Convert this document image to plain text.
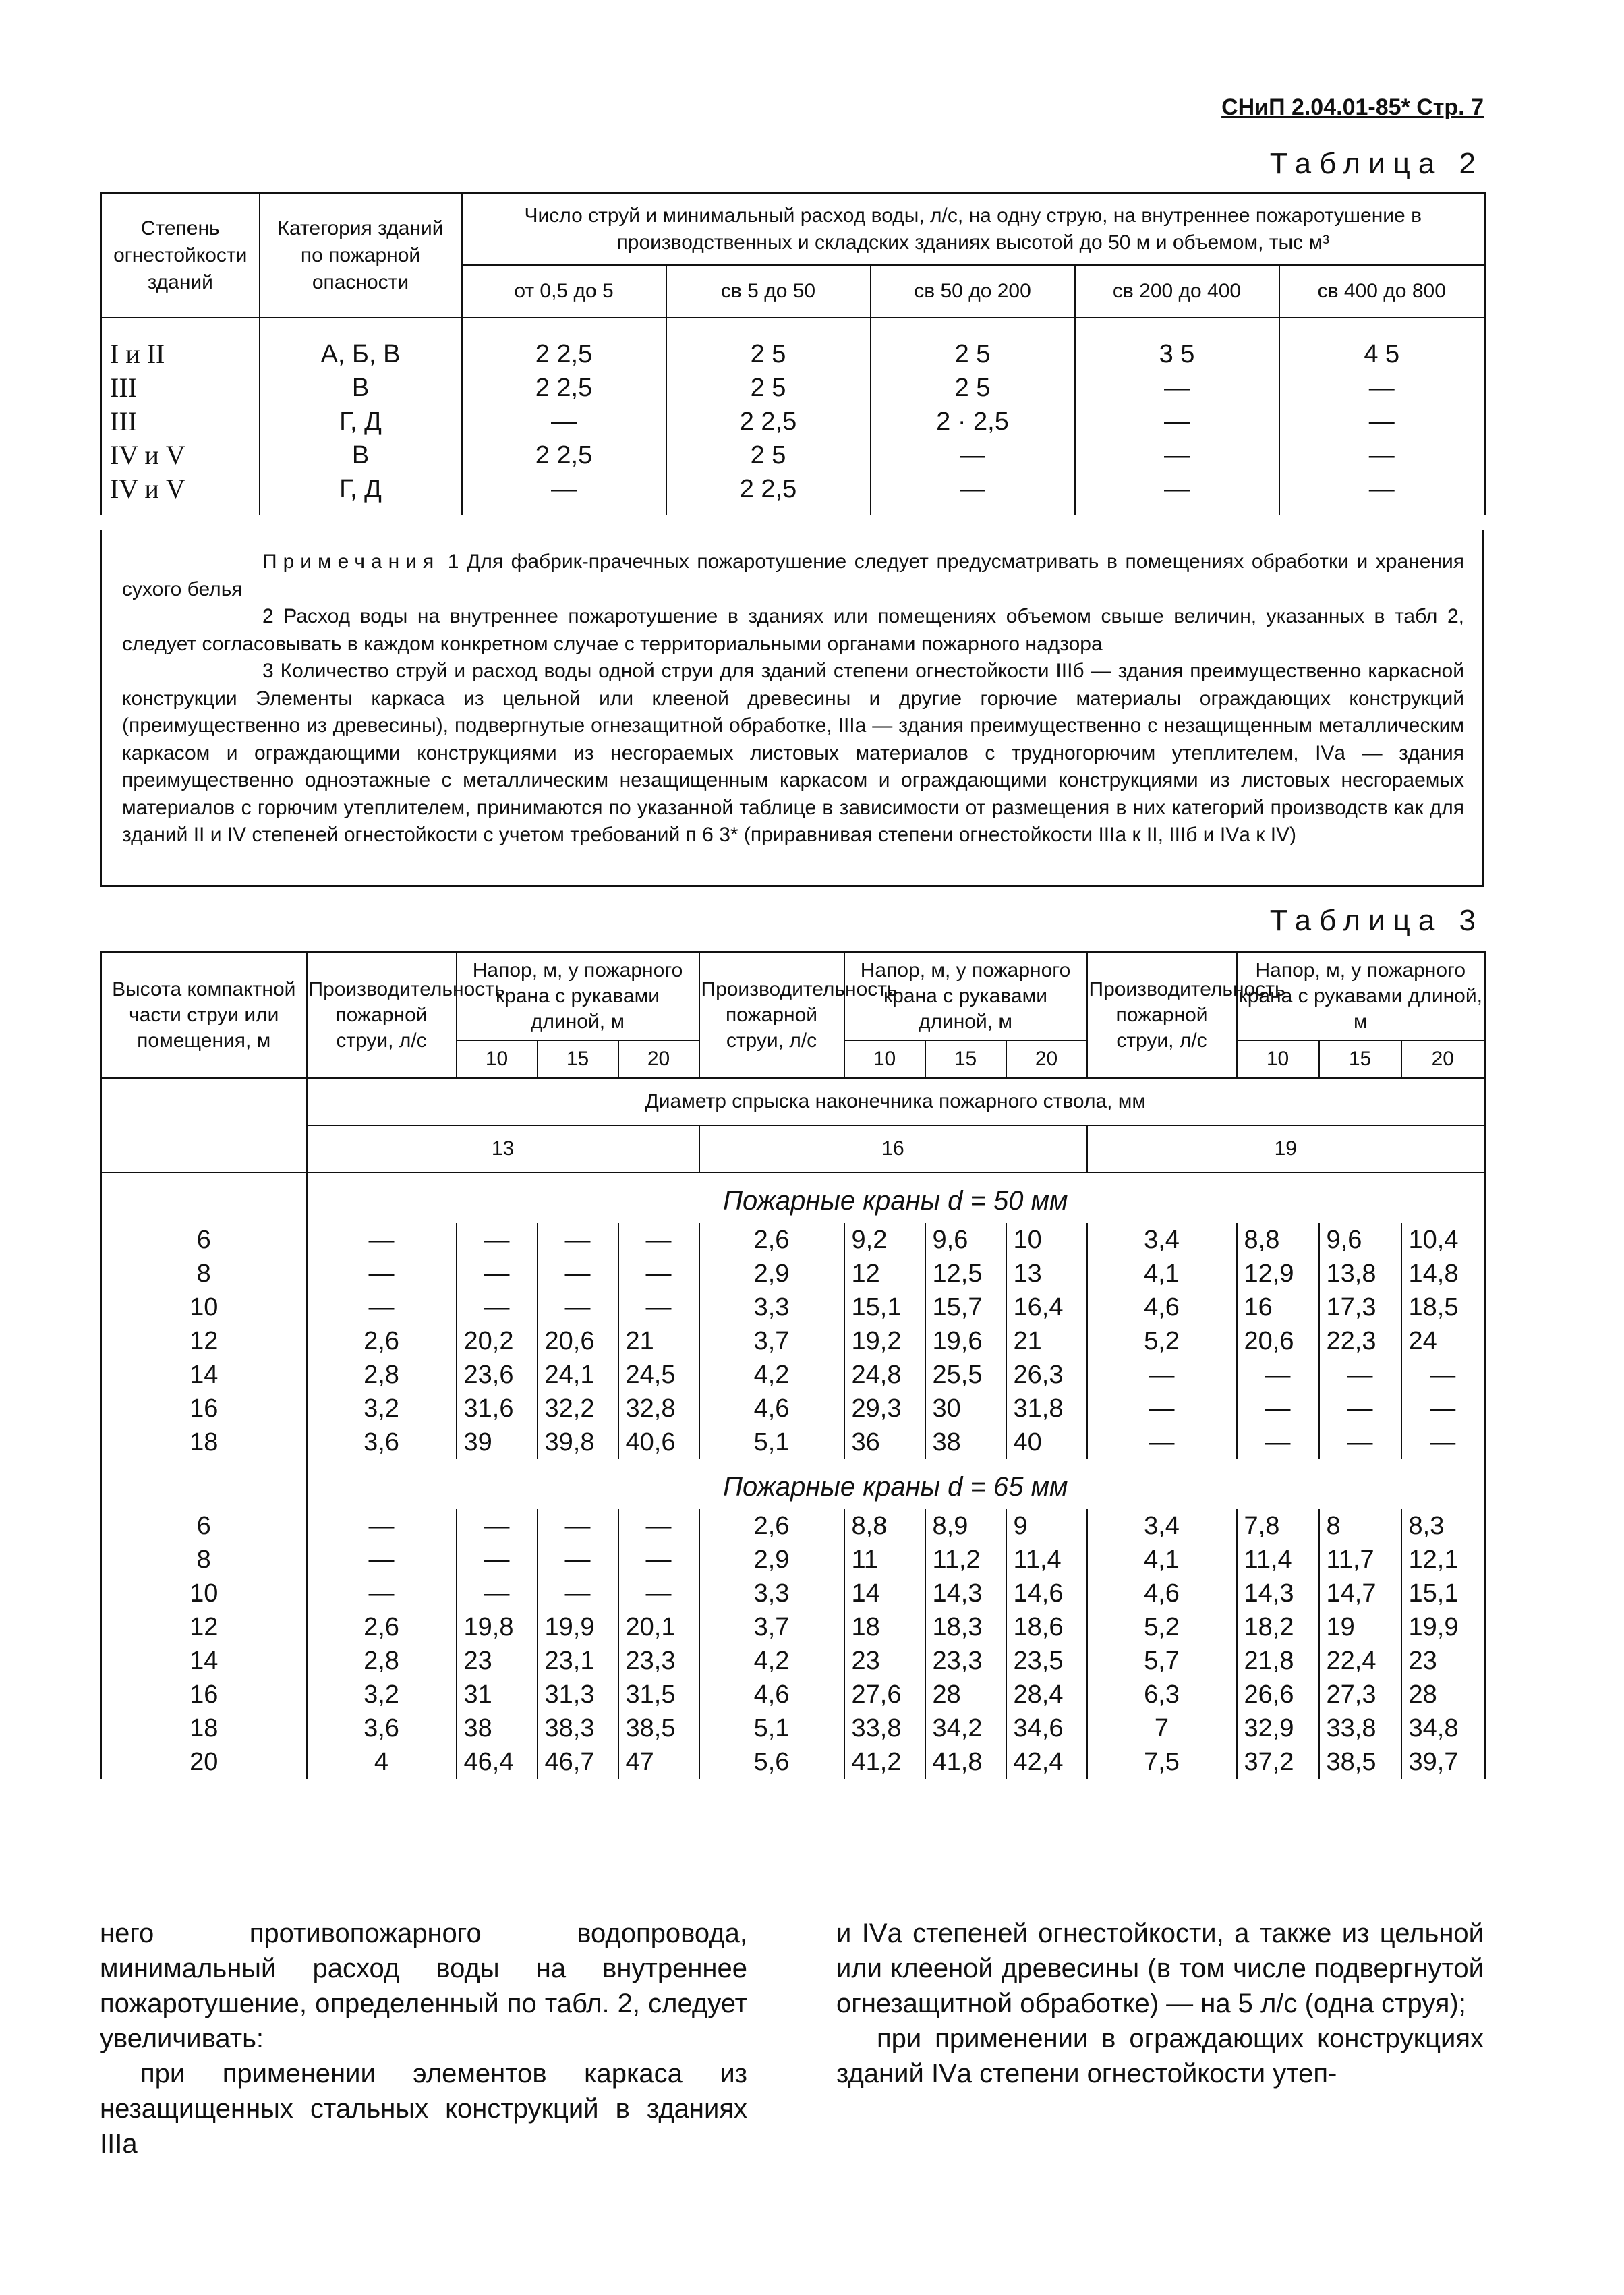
СНиП 2.04.01-85* Стр. 7
Таблица 2
Степень огнестойкости зданий	Категория зданий по пожарной опасности	Число струй и минимальный расход воды, л/с, на одну струю, на внутреннее пожаротушение в производственных и складских зданиях высотой до 50 м и объемом, тыс м³				
		от 0,5 до 5	св 5 до 50	св 50 до 200	св 200 до 400	св 400 до 800

I и II	А, Б, В	2 2,5	2 5	2 5	3 5	4 5
III	В	2 2,5	2 5	2 5	—	—
III	Г, Д	—	2 2,5	2 · 2,5	—	—
IV и V	В	2 2,5	2 5	—	—	—
IV и V	Г, Д	—	2 2,5	—	—	—

Примечания 1 Для фабрик-прачечных пожаротушение следует предусматривать в помещениях обработки и хранения сухого белья

2 Расход воды на внутреннее пожаротушение в зданиях или помещениях объемом свыше величин, указанных в табл 2, следует согласовывать в каждом конкретном случае с территориальными органами пожарного надзора

3 Количество струй и расход воды одной струи для зданий степени огнестойкости IIIб — здания преимущественно каркасной конструкции Элементы каркаса из цельной или клееной древесины и другие горючие материалы ограждающих конструкций (преимущественно из древесины), подвергнутые огнезащитной обработке, IIIа — здания преимущественно с незащищенным металлическим каркасом и ограждающими конструкциями из несгораемых листовых материалов с трудногорючим утеплителем, IVа — здания преимущественно одноэтажные с металлическим незащищенным каркасом и ограждающими конструкциями из листовых несгораемых материалов с горючим утеплителем, принимаются по указанной таблице в зависимости от размещения в них категорий производств как для зданий II и IV степеней огнестойкости с учетом требований п 6 3* (приравнивая степени огнестойкости IIIа к II, IIIб и IVа к IV)

Таблица 3
Высота компактной части струи или помещения, м	Производительность пожарной струи, л/с	Напор, м, у пожарного крана с рукавами длиной, м			Производительность пожарной струи, л/с	Напор, м, у пожарного крана с рукавами длиной, м			Производительность пожарной струи, л/с	Напор, м, у пожарного крана с рукавами длиной, м		
		10	15	20		10	15	20		10	15	20
	Диаметр спрыска наконечника пожарного ствола, мм											
	13				16				19			
	Пожарные краны d = 50 мм											
6	—	—	—	—	2,6	9,2	9,6	10	3,4	8,8	9,6	10,4
8	—	—	—	—	2,9	12	12,5	13	4,1	12,9	13,8	14,8
10	—	—	—	—	3,3	15,1	15,7	16,4	4,6	16	17,3	18,5
12	2,6	20,2	20,6	21	3,7	19,2	19,6	21	5,2	20,6	22,3	24
14	2,8	23,6	24,1	24,5	4,2	24,8	25,5	26,3	—	—	—	—
16	3,2	31,6	32,2	32,8	4,6	29,3	30	31,8	—	—	—	—
18	3,6	39	39,8	40,6	5,1	36	38	40	—	—	—	—
	Пожарные краны d = 65 мм											
6	—	—	—	—	2,6	8,8	8,9	9	3,4	7,8	8	8,3
8	—	—	—	—	2,9	11	11,2	11,4	4,1	11,4	11,7	12,1
10	—	—	—	—	3,3	14	14,3	14,6	4,6	14,3	14,7	15,1
12	2,6	19,8	19,9	20,1	3,7	18	18,3	18,6	5,2	18,2	19	19,9
14	2,8	23	23,1	23,3	4,2	23	23,3	23,5	5,7	21,8	22,4	23
16	3,2	31	31,3	31,5	4,6	27,6	28	28,4	6,3	26,6	27,3	28
18	3,6	38	38,3	38,5	5,1	33,8	34,2	34,6	7	32,9	33,8	34,8
20	4	46,4	46,7	47	5,6	41,2	41,8	42,4	7,5	37,2	38,5	39,7

него противопожарного водопровода, минимальный расход воды на внутреннее пожаротушение, определенный по табл. 2, следует увеличивать:

при применении элементов каркаса из незащищенных стальных конструкций в зданиях IIIа

и IVа степеней огнестойкости, а также из цельной или клееной древесины (в том числе подвергнутой огнезащитной обработке) — на 5 л/с (одна струя);

при применении в ограждающих конструкциях зданий IVа степени огнестойкости утеп-
